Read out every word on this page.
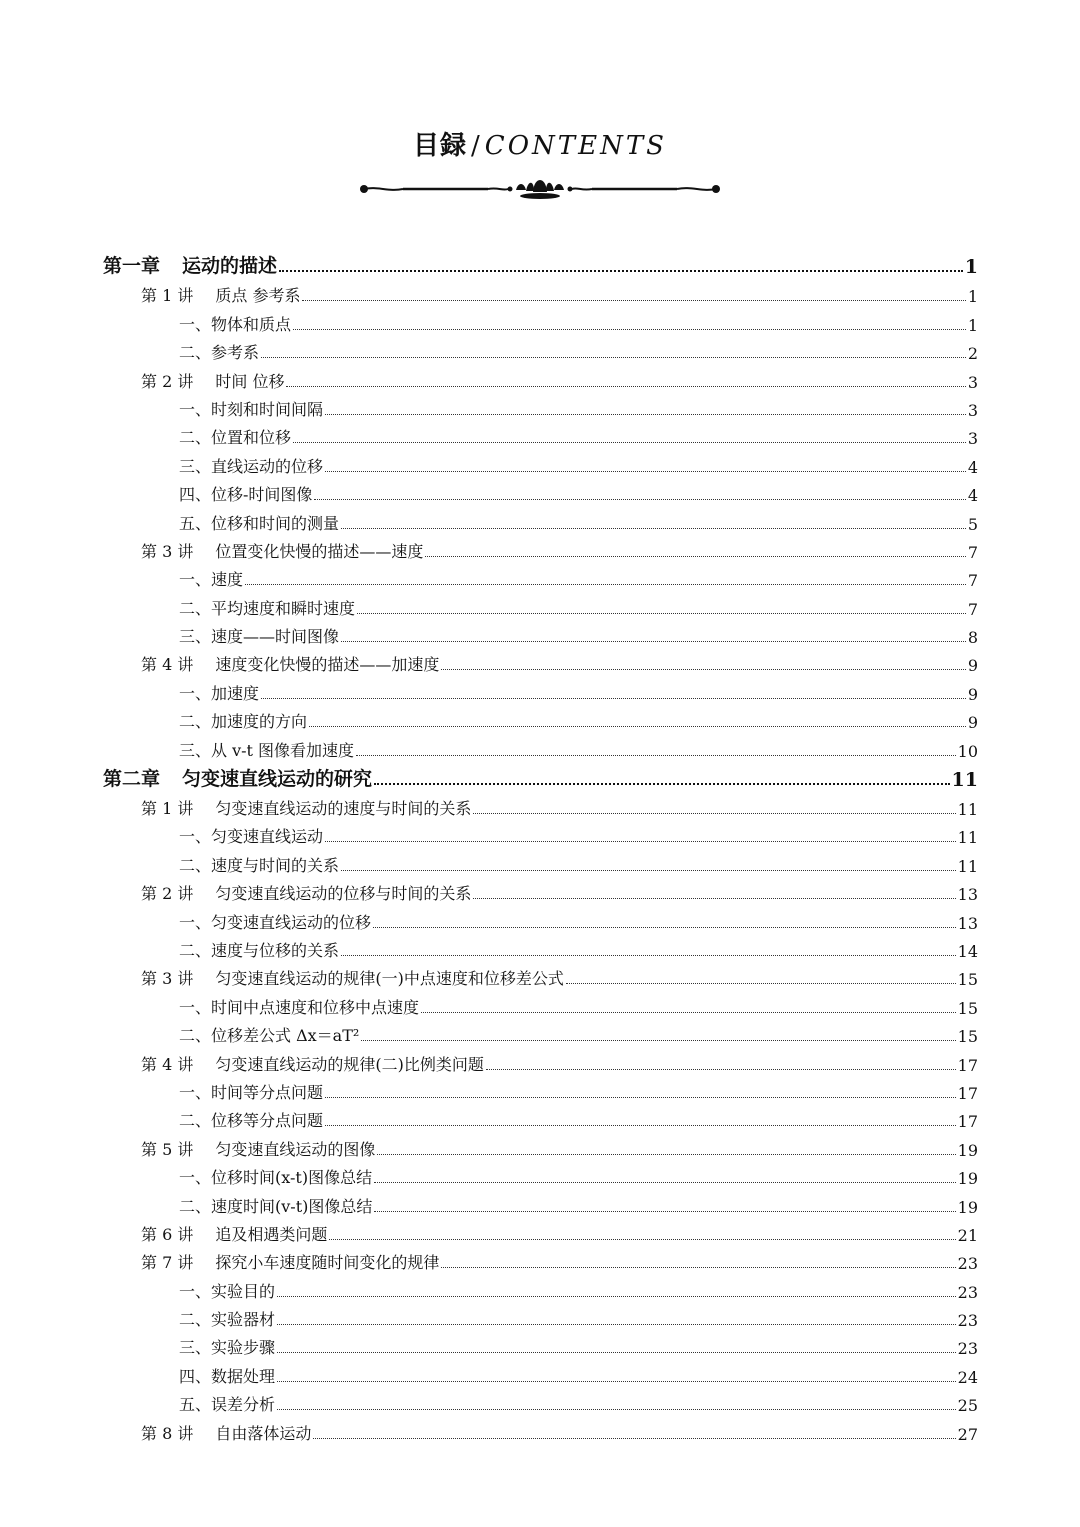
目録 / CONTENTS
第一章 运动的描述	1
第 1 讲 质点 参考系	1
一、物体和质点	1
二、参考系	2
第 2 讲 时间 位移	3
一、时刻和时间间隔	3
二、位置和位移	3
三、直线运动的位移	4
四、位移-时间图像	4
五、位移和时间的测量	5
第 3 讲 位置变化快慢的描述——速度	7
一、速度	7
二、平均速度和瞬时速度	7
三、速度——时间图像	8
第 4 讲 速度变化快慢的描述——加速度	9
一、加速度	9
二、加速度的方向	9
三、从 v-t 图像看加速度	10
第二章 匀变速直线运动的研究	11
第 1 讲 匀变速直线运动的速度与时间的关系	11
一、匀变速直线运动	11
二、速度与时间的关系	11
第 2 讲 匀变速直线运动的位移与时间的关系	13
一、匀变速直线运动的位移	13
二、速度与位移的关系	14
第 3 讲 匀变速直线运动的规律(一)中点速度和位移差公式	15
一、时间中点速度和位移中点速度	15
二、位移差公式 Δx＝aT²	15
第 4 讲 匀变速直线运动的规律(二)比例类问题	17
一、时间等分点问题	17
二、位移等分点问题	17
第 5 讲 匀变速直线运动的图像	19
一、位移时间(x-t)图像总结	19
二、速度时间(v-t)图像总结	19
第 6 讲 追及相遇类问题	21
第 7 讲 探究小车速度随时间变化的规律	23
一、实验目的	23
二、实验器材	23
三、实验步骤	23
四、数据处理	24
五、误差分析	25
第 8 讲 自由落体运动	27
